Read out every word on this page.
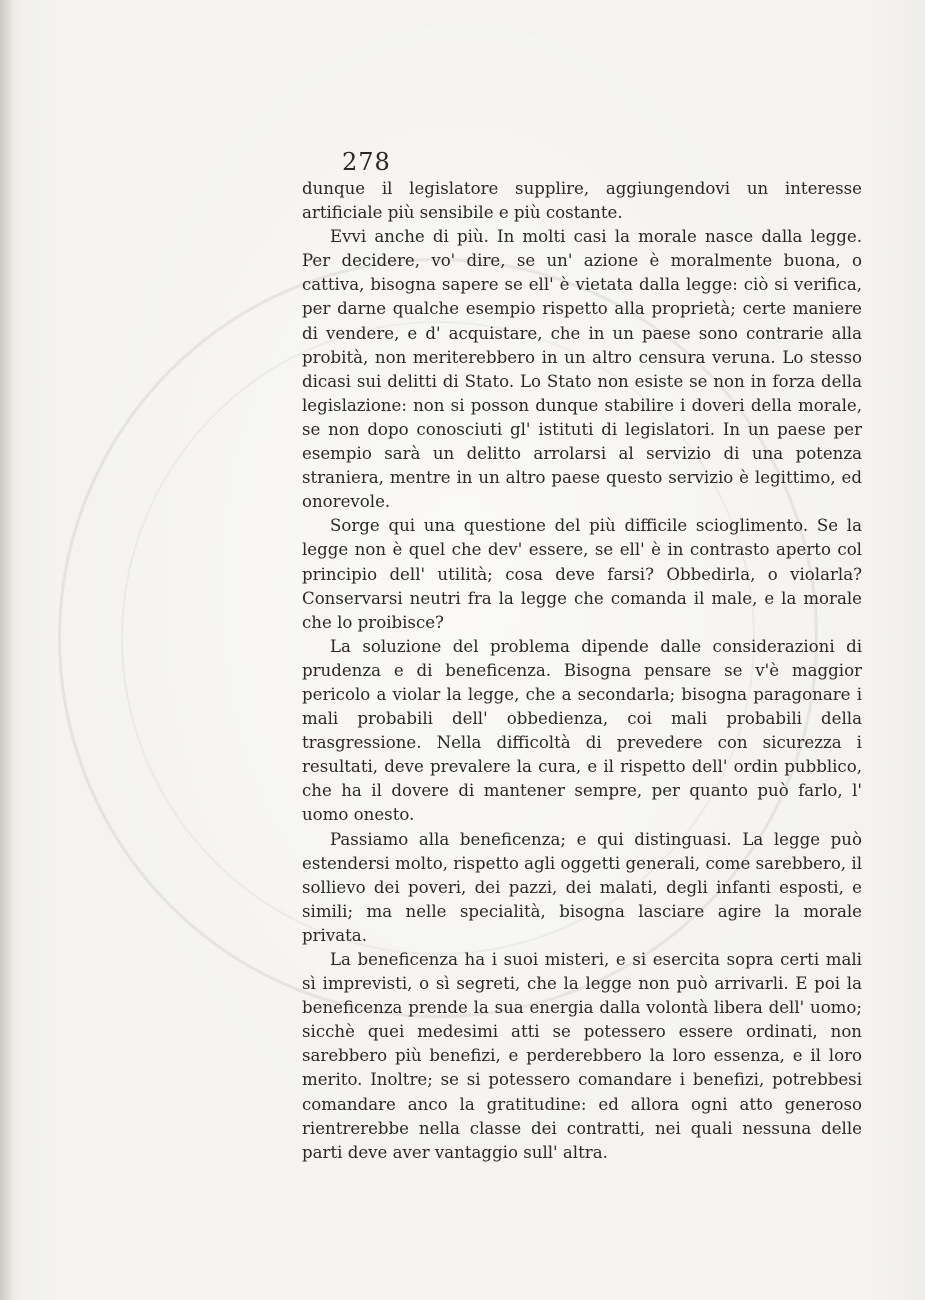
278

dunque il legislatore supplire, aggiungendovi un interesse artificiale più sensibile e più costante.

Evvi anche di più. In molti casi la morale nasce dalla legge. Per decidere, vo' dire, se un' azione è moralmente buona, o cattiva, bisogna sapere se ell' è vietata dalla legge: ciò si verifica, per darne qualche esempio rispetto alla proprietà; certe maniere di vendere, e d' acquistare, che in un paese sono contrarie alla probità, non meriterebbero in un altro censura veruna. Lo stesso dicasi sui delitti di Stato. Lo Stato non esiste se non in forza della legislazione: non si posson dunque stabilire i doveri della morale, se non dopo conosciuti gl' istituti di legislatori. In un paese per esempio sarà un delitto arrolarsi al servizio di una potenza straniera, mentre in un altro paese questo servizio è legittimo, ed onorevole.

Sorge qui una questione del più difficile scioglimento. Se la legge non è quel che dev' essere, se ell' è in contrasto aperto col principio dell' utilità; cosa deve farsi? Obbedirla, o violarla? Conservarsi neutri fra la legge che comanda il male, e la morale che lo proibisce?

La soluzione del problema dipende dalle considerazioni di prudenza e di beneficenza. Bisogna pensare se v'è maggior pericolo a violar la legge, che a secondarla; bisogna paragonare i mali probabili dell' obbedienza, coi mali probabili della trasgressione. Nella difficoltà di prevedere con sicurezza i resultati, deve prevalere la cura, e il rispetto dell' ordin pubblico, che ha il dovere di mantener sempre, per quanto può farlo, l' uomo onesto.

Passiamo alla beneficenza; e qui distinguasi. La legge può estendersi molto, rispetto agli oggetti generali, come sarebbero, il sollievo dei poveri, dei pazzi, dei malati, degli infanti esposti, e simili; ma nelle specialità, bisogna lasciare agire la morale privata.

La beneficenza ha i suoi misteri, e si esercita sopra certi mali sì imprevisti, o sì segreti, che la legge non può arrivarli. E poi la beneficenza prende la sua energia dalla volontà libera dell' uomo; sicchè quei medesimi atti se potessero essere ordinati, non sarebbero più benefizi, e perderebbero la loro essenza, e il loro merito. Inoltre; se si potessero comandare i benefizi, potrebbesi comandare anco la gratitudine: ed allora ogni atto generoso rientrerebbe nella classe dei contratti, nei quali nessuna delle parti deve aver vantaggio sull' altra.
